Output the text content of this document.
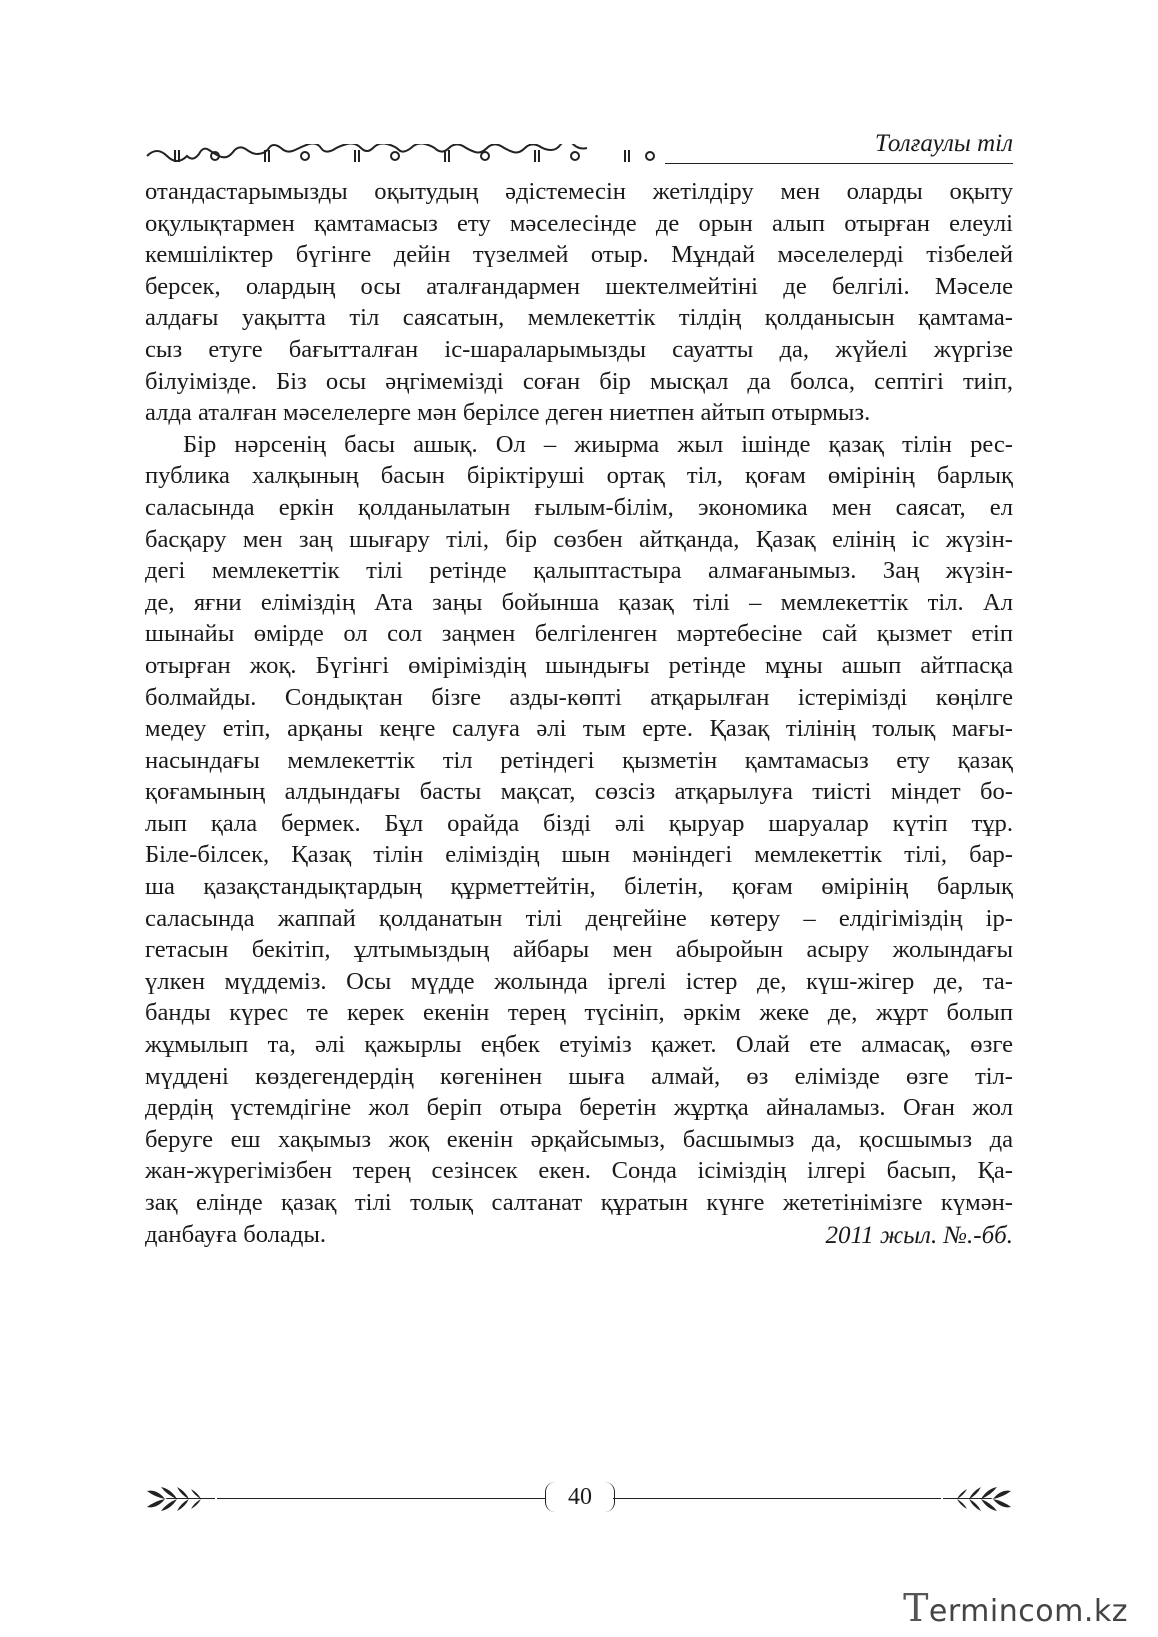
Толғаулы тіл
отандастарымызды оқытудың әдістемесін жетілдіру мен оларды оқыту
оқулықтармен қамтамасыз ету мәселесінде де орын алып отырған елеулі
кемшіліктер бүгінге дейін түзелмей отыр. Мұндай мәселелерді тізбелей
берсек, олардың осы аталғандармен шектелмейтіні де белгілі. Мәселе
алдағы уақытта тіл саясатын, мемлекеттік тілдің қолданысын қамтама-
сыз етуге бағытталған іс-шараларымызды сауатты да, жүйелі жүргізе
білуімізде. Біз осы әңгімемізді соған бір мысқал да болса, септігі тиіп,
алда аталған мәселелерге мән берілсе деген ниетпен айтып отырмыз.
Бір нәрсенің басы ашық. Ол – жиырма жыл ішінде қазақ тілін рес-
публика халқының басын біріктіруші ортақ тіл, қоғам өмірінің барлық
саласында еркін қолданылатын ғылым-білім, экономика мен саясат, ел
басқару мен заң шығару тілі, бір сөзбен айтқанда, Қазақ елінің іс жүзін-
дегі мемлекеттік тілі ретінде қалыптастыра алмағанымыз. Заң жүзін-
де, яғни еліміздің Ата заңы бойынша қазақ тілі – мемлекеттік тіл. Ал
шынайы өмірде ол сол заңмен белгіленген мәртебесіне сай қызмет етіп
отырған жоқ. Бүгінгі өміріміздің шындығы ретінде мұны ашып айтпасқа
болмайды. Сондықтан бізге азды-көпті атқарылған істерімізді көңілге
медеу етіп, арқаны кеңге салуға әлі тым ерте. Қазақ тілінің толық мағы-
насындағы мемлекеттік тіл ретіндегі қызметін қамтамасыз ету қазақ
қоғамының алдындағы басты мақсат, сөзсіз атқарылуға тиісті міндет бо-
лып қала бермек. Бұл орайда бізді әлі қыруар шаруалар күтіп тұр.
Біле-білсек, Қазақ тілін еліміздің шын мәніндегі мемлекеттік тілі, бар-
ша қазақстандықтардың құрметтейтін, білетін, қоғам өмірінің барлық
саласында жаппай қолданатын тілі деңгейіне көтеру – елдігіміздің ір-
гетасын бекітіп, ұлтымыздың айбары мен абыройын асыру жолындағы
үлкен мүддеміз. Осы мүдде жолында іргелі істер де, күш-жігер де, та-
банды күрес те керек екенін терең түсініп, әркім жеке де, жұрт болып
жұмылып та, әлі қажырлы еңбек етуіміз қажет. Олай ете алмасақ, өзге
мүддені көздегендердің көгенінен шыға алмай, өз елімізде өзге тіл-
дердің үстемдігіне жол беріп отыра беретін жұртқа айналамыз. Оған жол
беруге еш хақымыз жоқ екенін әрқайсымыз, басшымыз да, қосшымыз да
жан-жүрегімізбен терең сезінсек екен. Сонда ісіміздің ілгері басып, Қа-
зақ елінде қазақ тілі толық салтанат құратын күнге жететінімізге күмән-
данбауға болады.	2011 жыл. №.-бб.
40
Termincom.kz
